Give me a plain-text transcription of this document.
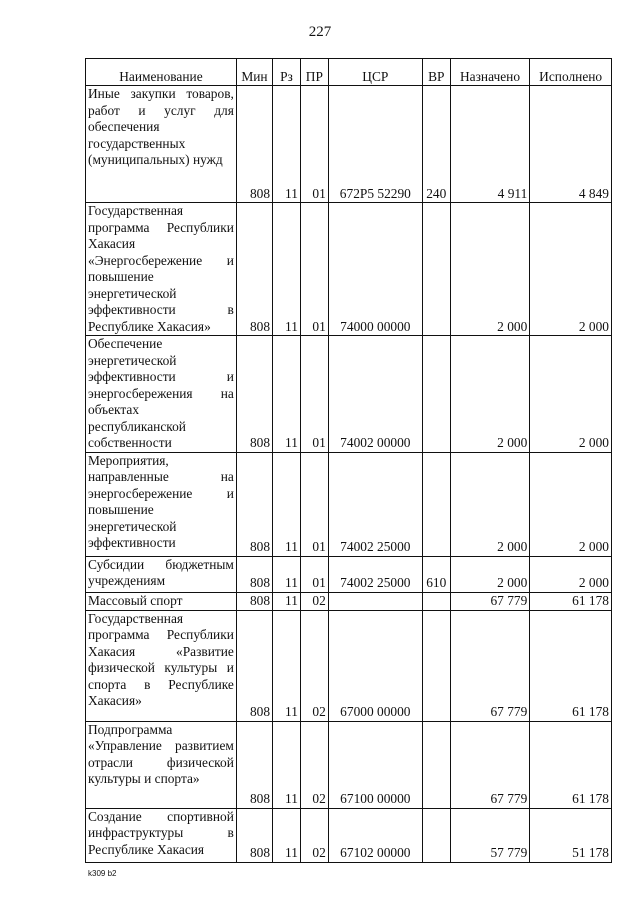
227
Наименование	Мин	Рз	ПР	ЦСР	ВР	Назначено	Исполнено
Иные закупки товаров, работ и услуг для обеспечения государственных (муниципальных) нужд	808	11	01	672P5 52290	240	4 911	4 849
Государственная программа Республики Хакасия «Энергосбережение и повышение энергетической эффективности в Республике Хакасия»	808	11	01	74000 00000		2 000	2 000
Обеспечение энергетической эффективности и энергосбережения на объектах республиканской собственности	808	11	01	74002 00000		2 000	2 000
Мероприятия, направленные на энергосбережение и повышение энергетической эффективности	808	11	01	74002 25000		2 000	2 000
Субсидии бюджетным учреждениям	808	11	01	74002 25000	610	2 000	2 000
Массовый спорт	808	11	02			67 779	61 178
Государственная программа Республики Хакасия «Развитие физической культуры и спорта в Республике Хакасия»	808	11	02	67000 00000		67 779	61 178
Подпрограмма «Управление развитием отрасли физической культуры и спорта»	808	11	02	67100 00000		67 779	61 178
Создание спортивной инфраструктуры в Республике Хакасия	808	11	02	67102 00000		57 779	51 178
k309 b2
